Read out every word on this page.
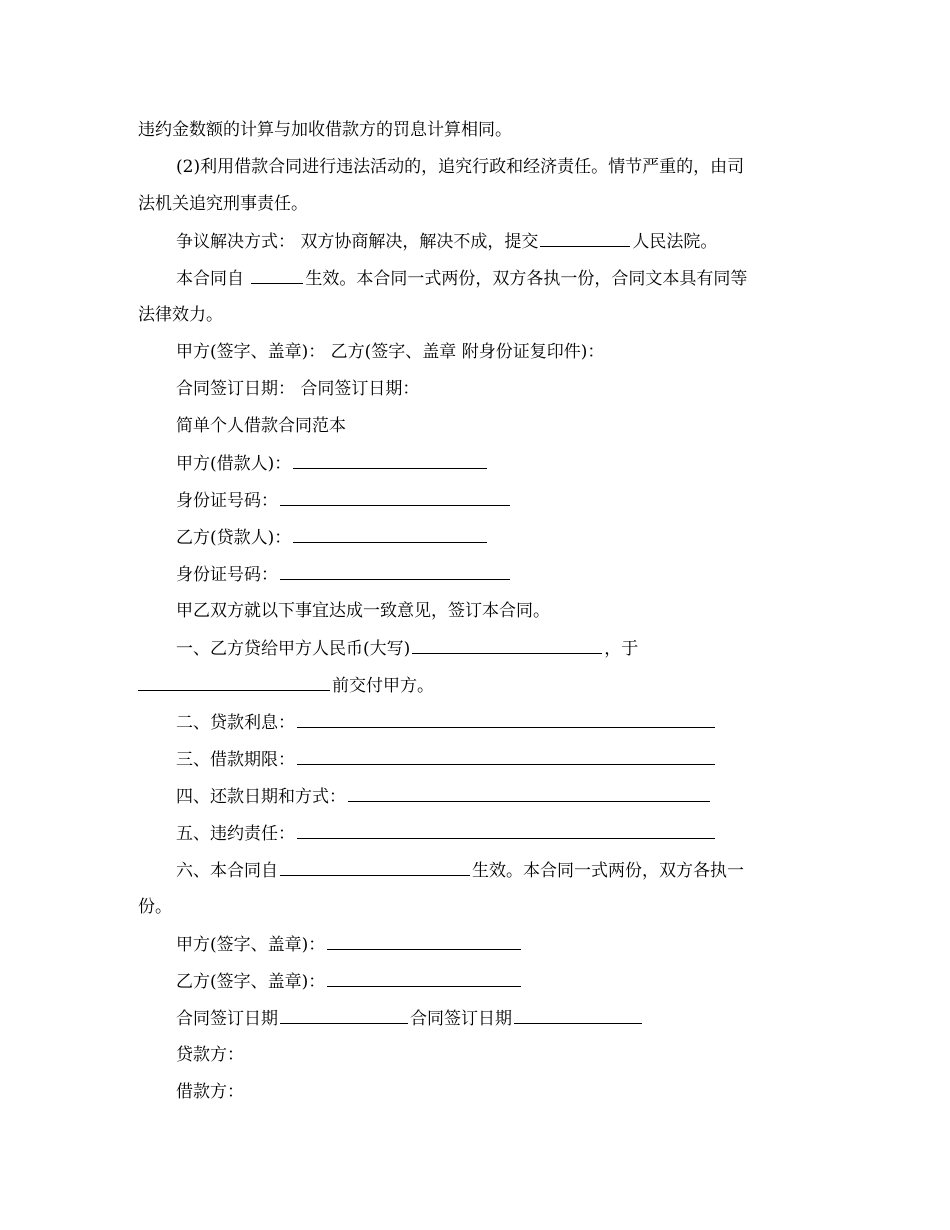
违约金数额的计算与加收借款方的罚息计算相同。
(2)利用借款合同进行违法活动的，追究行政和经济责任。情节严重的，由司
法机关追究刑事责任。
争议解决方式： 双方协商解决，解决不成，提交	人民法院。
本合同自	生效。本合同一式两份，双方各执一份，合同文本具有同等
法律效力。
甲方(签字、盖章)： 乙方(签字、盖章 附身份证复印件)：
合同签订日期： 合同签订日期：
简单个人借款合同范本
甲方(借款人)：
身份证号码：
乙方(贷款人)：
身份证号码：
甲乙双方就以下事宜达成一致意见，签订本合同。
一、乙方贷给甲方人民币(大写)	，于
前交付甲方。
二、贷款利息：
三、借款期限：
四、还款日期和方式：
五、违约责任：
六、本合同自	生效。本合同一式两份，双方各执一
份。
甲方(签字、盖章)：
乙方(签字、盖章)：
合同签订日期	合同签订日期
贷款方：
借款方：
